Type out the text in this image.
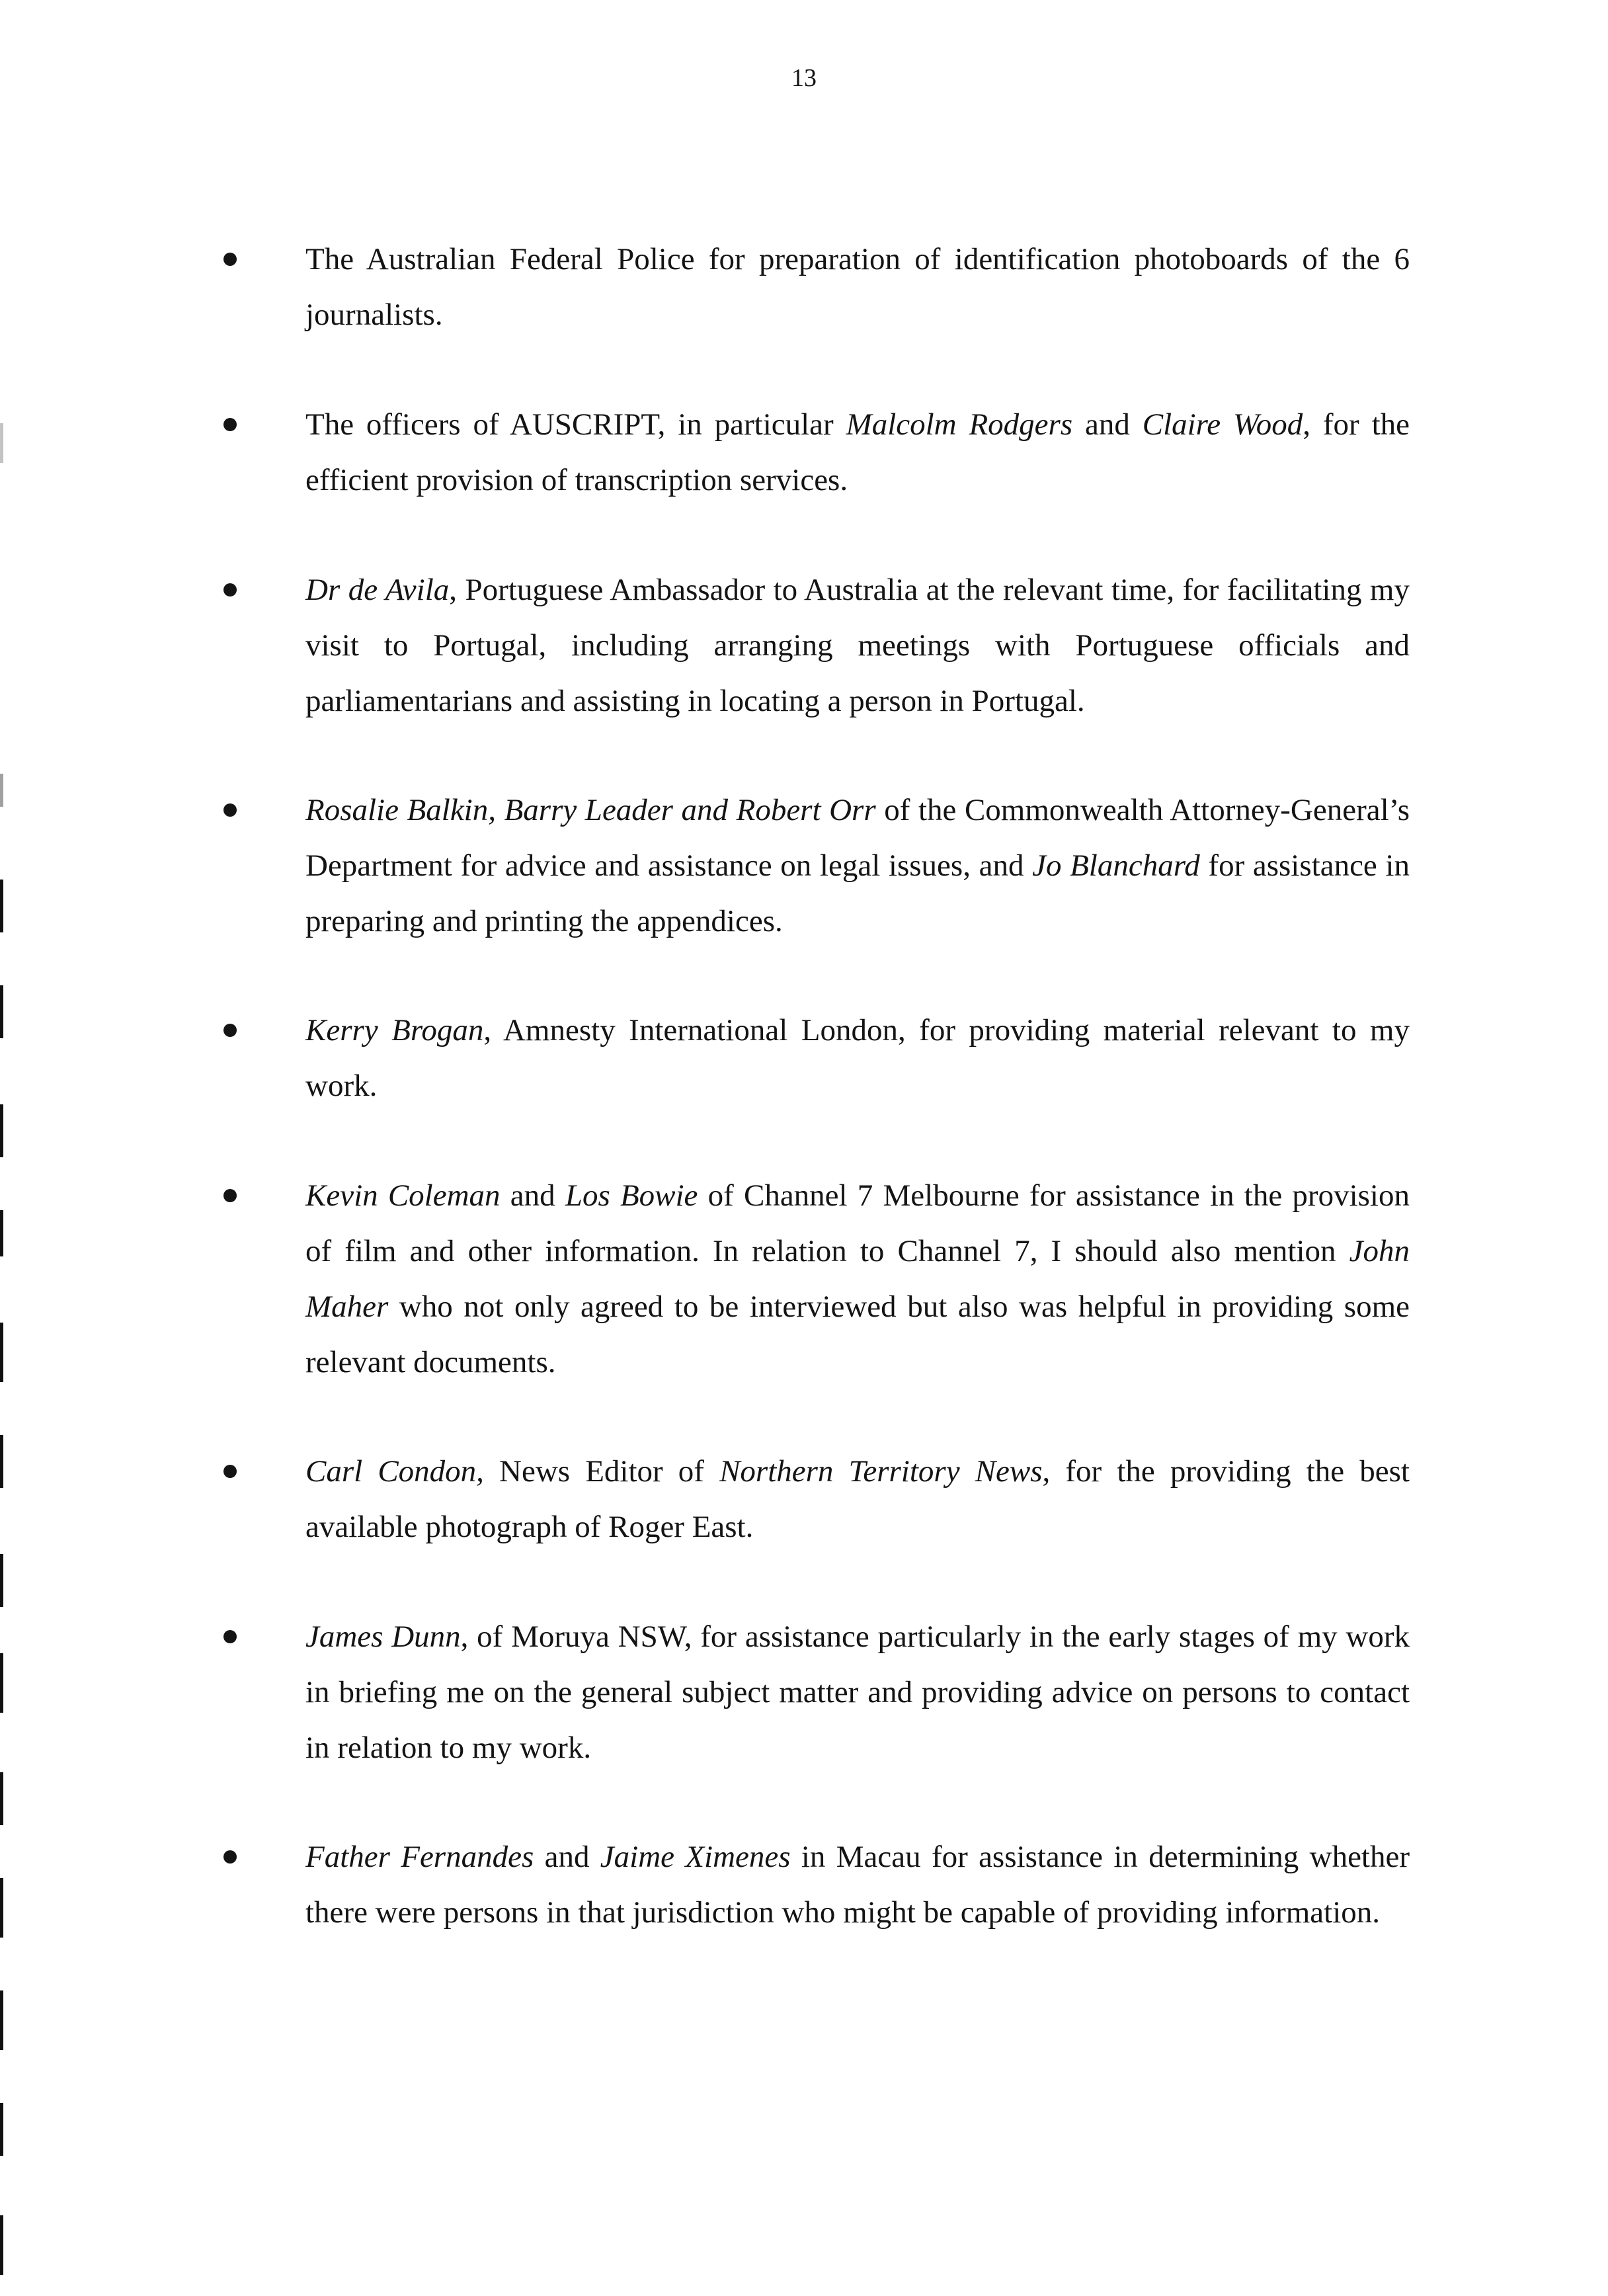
13
The Australian Federal Police for preparation of identification photoboards of the 6 journalists.
The officers of AUSCRIPT, in particular Malcolm Rodgers and Claire Wood, for the efficient provision of transcription services.
Dr de Avila, Portuguese Ambassador to Australia at the relevant time, for facilitating my visit to Portugal, including arranging meetings with Portuguese officials and parliamentarians and assisting in locating a person in Portugal.
Rosalie Balkin, Barry Leader and Robert Orr of the Commonwealth Attorney-General’s Department for advice and assistance on legal issues, and Jo Blanchard for assistance in preparing and printing the appendices.
Kerry Brogan, Amnesty International London, for providing material relevant to my work.
Kevin Coleman and Los Bowie of Channel 7 Melbourne for assistance in the provision of film and other information. In relation to Channel 7, I should also mention John Maher who not only agreed to be interviewed but also was helpful in providing some relevant documents.
Carl Condon, News Editor of Northern Territory News, for the providing the best available photograph of Roger East.
James Dunn, of Moruya NSW, for assistance particularly in the early stages of my work in briefing me on the general subject matter and providing advice on persons to contact in relation to my work.
Father Fernandes and Jaime Ximenes in Macau for assistance in determining whether there were persons in that jurisdiction who might be capable of providing information.
